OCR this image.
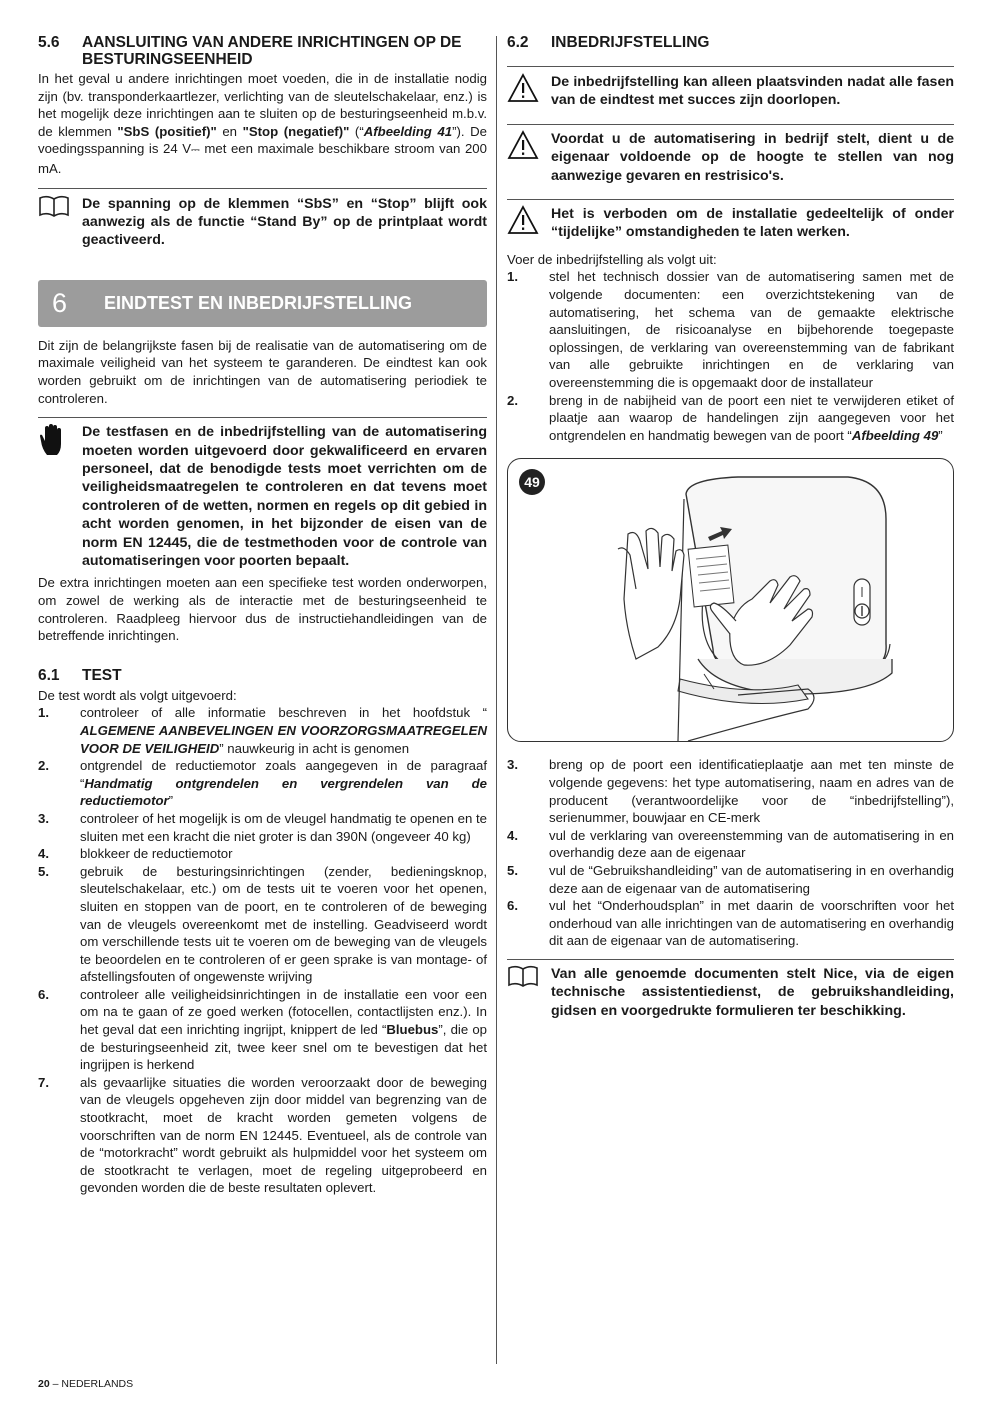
5.6	AANSLUITING VAN ANDERE INRICHTINGEN OP DE BESTURINGSEENHEID

In het geval u andere inrichtingen moet voeden, die in de installatie nodig zijn (bv. transponderkaartlezer, verlichting van de sleutelschakelaar, enz.) is het mogelijk deze inrichtingen aan te sluiten op de besturingseenheid m.b.v. de klemmen "SbS (positief)" en "Stop (negatief)" (“Afbeelding 41”). De voedingsspanning is 24 V⎓ met een maximale beschikbare stroom van 200 mA.

De spanning op de klemmen “SbS” en “Stop” blijft ook aanwezig als de functie “Stand By” op de printplaat wordt geactiveerd.
6	EINDTEST EN INBEDRIJFSTELLING

Dit zijn de belangrijkste fasen bij de realisatie van de automatisering om de maximale veiligheid van het systeem te garanderen. De eindtest kan ook worden gebruikt om de inrichtingen van de automatisering periodiek te controleren.

De testfasen en de inbedrijfstelling van de automatisering moeten worden uitgevoerd door gekwalificeerd en ervaren personeel, dat de benodigde tests moet verrichten om de veiligheidsmaatregelen te controleren en dat tevens moet controleren of de wetten, normen en regels op dit gebied in acht worden genomen, in het bijzonder de eisen van de norm EN 12445, die de testmethoden voor de controle van automatiseringen voor poorten bepaalt.

De extra inrichtingen moeten aan een specifieke test worden onderworpen, om zowel de werking als de interactie met de besturingseenheid te controleren. Raadpleeg hiervoor dus de instructiehandleidingen van de betreffende inrichtingen.

6.1	TEST

De test wordt als volgt uitgevoerd:

1.	controleer of alle informatie beschreven in het hoofdstuk “ ALGEMENE AANBEVELINGEN EN VOORZORGSMAATREGELEN VOOR DE VEILIGHEID” nauwkeurig in acht is genomen
2.	ontgrendel de reductiemotor zoals aangegeven in de paragraaf “Handmatig ontgrendelen en vergrendelen van de reductiemotor”
3.	controleer of het mogelijk is om de vleugel handmatig te openen en te sluiten met een kracht die niet groter is dan 390N (ongeveer 40 kg)
4.	blokkeer de reductiemotor
5.	gebruik de besturingsinrichtingen (zender, bedieningsknop, sleutelschakelaar, etc.) om de tests uit te voeren voor het openen, sluiten en stoppen van de poort, en te controleren of de beweging van de vleugels overeenkomt met de instelling. Geadviseerd wordt om verschillende tests uit te voeren om de beweging van de vleugels te beoordelen en te controleren of er geen sprake is van montage- of afstellingsfouten of ongewenste wrijving
6.	controleer alle veiligheidsinrichtingen in de installatie een voor een om na te gaan of ze goed werken (fotocellen, contactlijsten enz.). In het geval dat een inrichting ingrijpt, knippert de led “Bluebus”, die op de besturingseenheid zit, twee keer snel om te bevestigen dat het ingrijpen is herkend
7.	als gevaarlijke situaties die worden veroorzaakt door de beweging van de vleugels opgeheven zijn door middel van begrenzing van de stootkracht, moet de kracht worden gemeten volgens de voorschriften van de norm EN 12445. Eventueel, als de controle van de “motorkracht” wordt gebruikt als hulpmiddel voor het systeem om de stootkracht te verlagen, moet de regeling uitgeprobeerd en gevonden worden die de beste resultaten oplevert.
6.2	INBEDRIJFSTELLING
De inbedrijfstelling kan alleen plaatsvinden nadat alle fasen van de eindtest met succes zijn doorlopen.
Voordat u de automatisering in bedrijf stelt, dient u de eigenaar voldoende op de hoogte te stellen van nog aanwezige gevaren en restrisico's.
Het is verboden om de installatie gedeeltelijk of onder “tijdelijke” omstandigheden te laten werken.

Voer de inbedrijfstelling als volgt uit:

1.	stel het technisch dossier van de automatisering samen met de volgende documenten: een overzichtstekening van de automatisering, het schema van de gemaakte elektrische aansluitingen, de risicoanalyse en bijbehorende toegepaste oplossingen, de verklaring van overeenstemming van de fabrikant van alle gebruikte inrichtingen en de verklaring van overeenstemming die is opgemaakt door de installateur
2.	breng in de nabijheid van de poort een niet te verwijderen etiket of plaatje aan waarop de handelingen zijn aangegeven voor het ontgrendelen en handmatig bewegen van de poort “Afbeelding 49”
49
3.	breng op de poort een identificatieplaatje aan met ten minste de volgende gegevens: het type automatisering, naam en adres van de producent (verantwoordelijke voor de “inbedrijfstelling”), serienummer, bouwjaar en CE-merk
4.	vul de verklaring van overeenstemming van de automatisering in en overhandig deze aan de eigenaar
5.	vul de “Gebruikshandleiding” van de automatisering in en overhandig deze aan de eigenaar van de automatisering
6.	vul het “Onderhoudsplan” in met daarin de voorschriften voor het onderhoud van alle inrichtingen van de automatisering en overhandig dit aan de eigenaar van de automatisering.
Van alle genoemde documenten stelt Nice, via de eigen technische assistentiedienst, de gebruikshandleiding, gidsen en voorgedrukte formulieren ter beschikking.
20 – NEDERLANDS
